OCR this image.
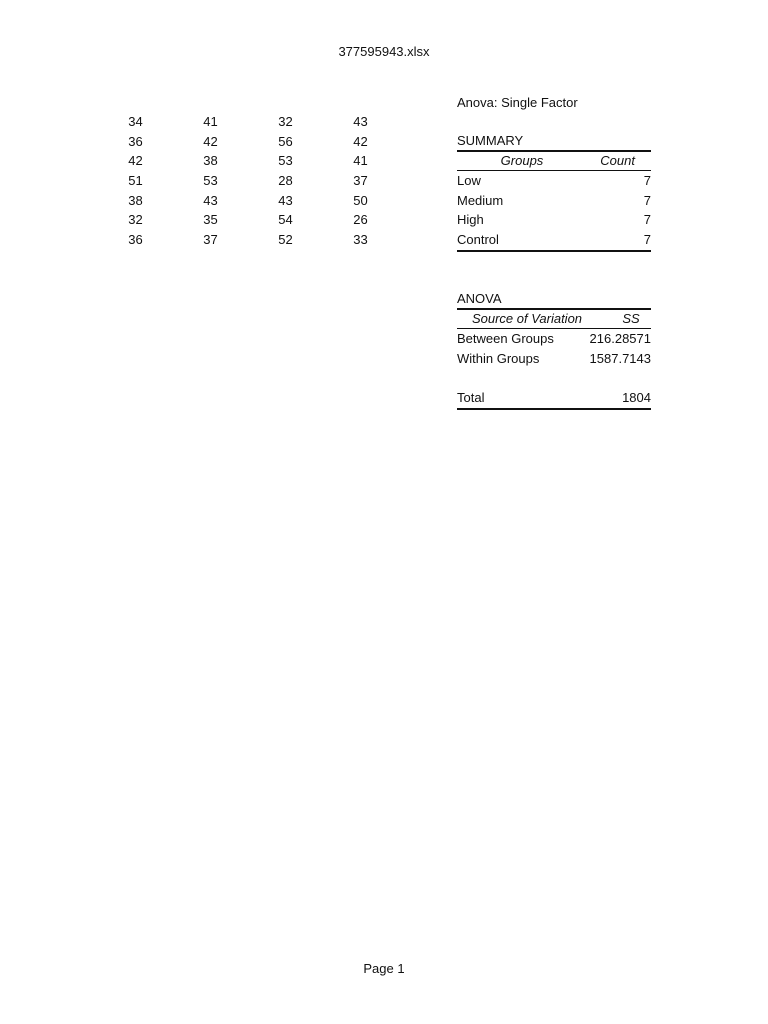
377595943.xlsx
34	41	32	43
36	42	56	42
42	38	53	41
51	53	28	37
38	43	43	50
32	35	54	26
36	37	52	33
Anova: Single Factor
SUMMARY
Groups	Count
Low	7
Medium	7
High	7
Control	7
ANOVA
Source of Variation	SS
Between Groups	216.28571
Within Groups	1587.7143
Total	1804
Page 1
